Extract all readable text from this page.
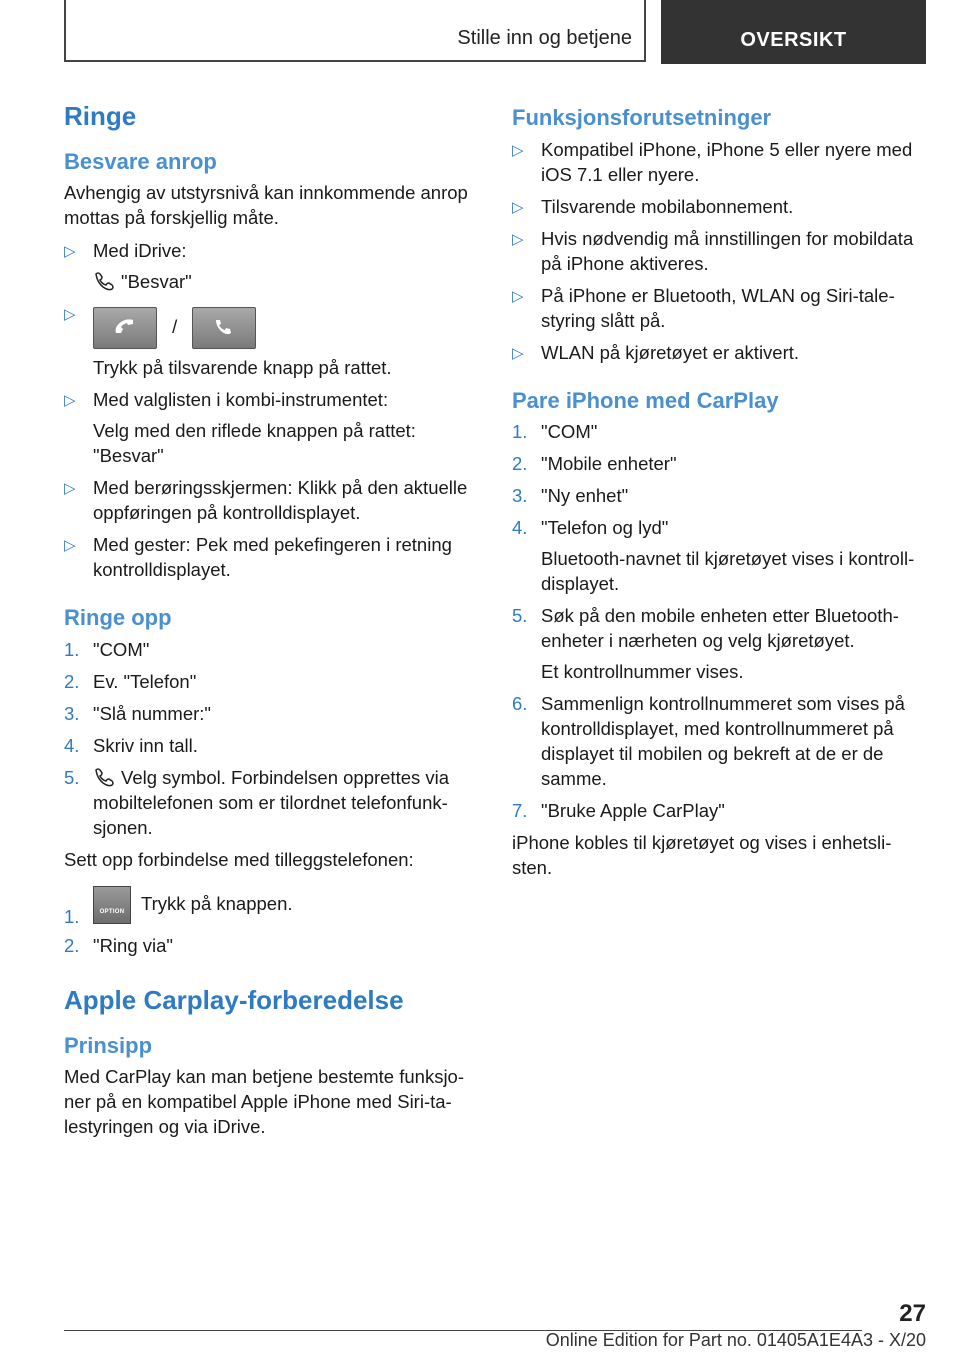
Stille inn og betjene	OVERSIKT
Ringe
Besvare anrop

Avhengig av utstyrsnivå kan innkommende anrop mottas på forskjellig måte.

▷ Med iDrive:
"Besvar"
▷ /
Trykk på tilsvarende knapp på rattet.
▷ Med valglisten i kombi-instrumentet:
Velg med den riflede knappen på rattet: "Besvar"
▷ Med berøringsskjermen: Klikk på den aktuelle oppføringen på kontrolldisplayet.
▷ Med gester: Pek med pekefingeren i retning kontrolldisplayet.
Ringe opp
1. "COM"
2. Ev. "Telefon"
3. "Slå nummer:"
4. Skriv inn tall.
5. Velg symbol. Forbindelsen opprettes via mobiltelefonen som er tilordnet telefonfunk-sjonen.

Sett opp forbindelse med tilleggstelefonen:

1.	OPTION Trykk på knappen.
2. "Ring via"
Apple Carplay-forberedelse
Prinsipp

Med CarPlay kan man betjene bestemte funksjo-ner på en kompatibel Apple iPhone med Siri-ta-lestyringen og via iDrive.

Funksjonsforutsetninger
▷ Kompatibel iPhone, iPhone 5 eller nyere med iOS 7.1 eller nyere.
▷ Tilsvarende mobilabonnement.
▷ Hvis nødvendig må innstillingen for mobildata på iPhone aktiveres.
▷ På iPhone er Bluetooth, WLAN og Siri-tale-styring slått på.
▷ WLAN på kjøretøyet er aktivert.
Pare iPhone med CarPlay
1. "COM"
2. "Mobile enheter"
3. "Ny enhet"
4. "Telefon og lyd"
Bluetooth-navnet til kjøretøyet vises i kontroll-displayet.
5. Søk på den mobile enheten etter Bluetooth-enheter i nærheten og velg kjøretøyet.
Et kontrollnummer vises.
6. Sammenlign kontrollnummeret som vises på kontrolldisplayet, med kontrollnummeret på displayet til mobilen og bekreft at de er de samme.
7. "Bruke Apple CarPlay"

iPhone kobles til kjøretøyet og vises i enhetsli-sten.

27
Online Edition for Part no. 01405A1E4A3 - X/20
